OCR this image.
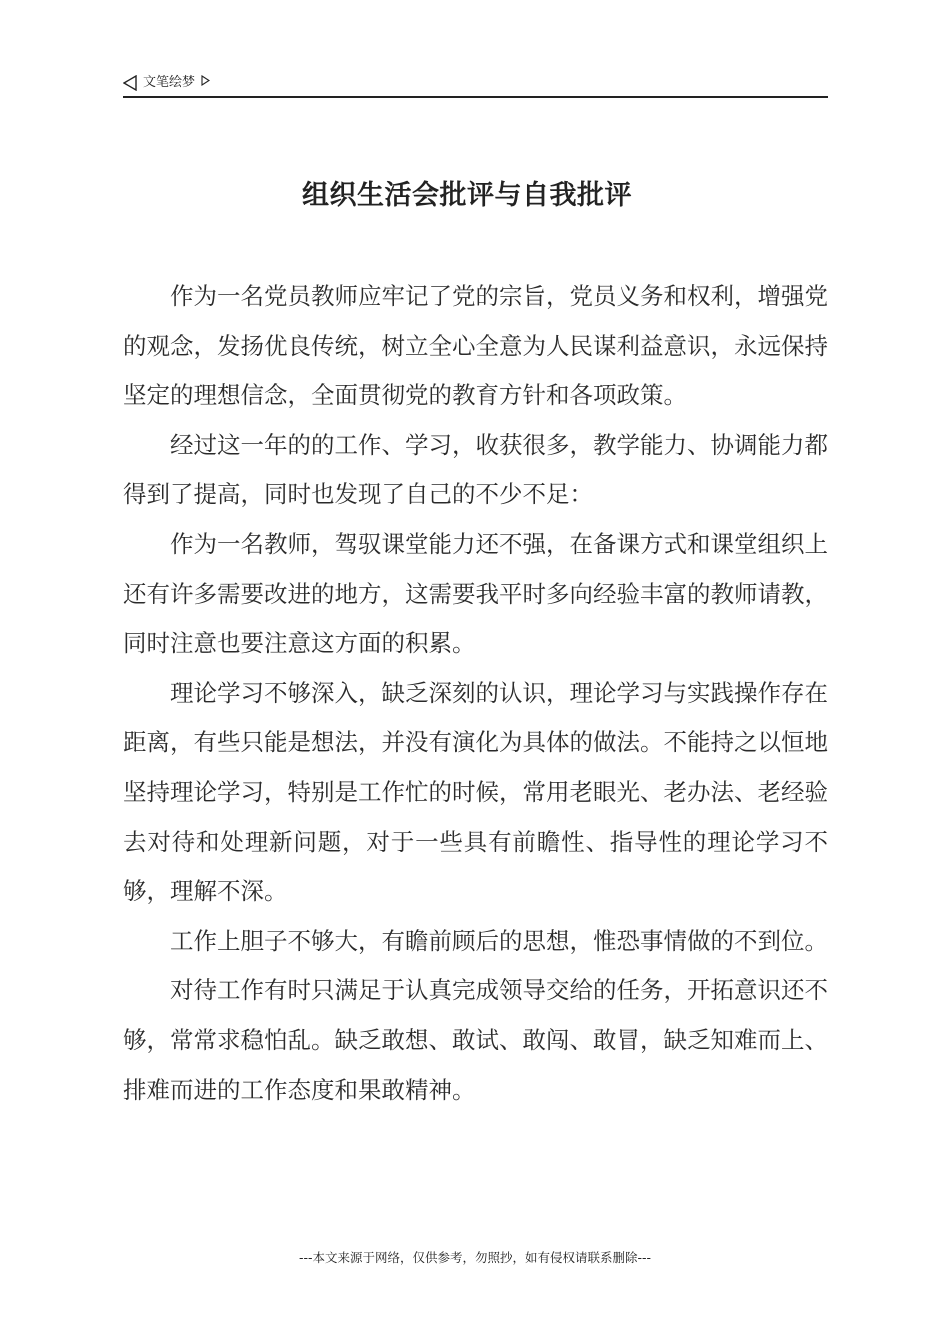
文笔绘梦
组织生活会批评与自我批评

作为一名党员教师应牢记了党的宗旨，党员义务和权利，增强党的观念，发扬优良传统，树立全心全意为人民谋利益意识，永远保持坚定的理想信念，全面贯彻党的教育方针和各项政策。

经过这一年的的工作、学习，收获很多，教学能力、协调能力都得到了提高，同时也发现了自己的不少不足：

作为一名教师，驾驭课堂能力还不强，在备课方式和课堂组织上还有许多需要改进的地方，这需要我平时多向经验丰富的教师请教，同时注意也要注意这方面的积累。

理论学习不够深入，缺乏深刻的认识，理论学习与实践操作存在距离，有些只能是想法，并没有演化为具体的做法。不能持之以恒地坚持理论学习，特别是工作忙的时候，常用老眼光、老办法、老经验去对待和处理新问题，对于一些具有前瞻性、指导性的理论学习不够，理解不深。

工作上胆子不够大，有瞻前顾后的思想，惟恐事情做的不到位。

对待工作有时只满足于认真完成领导交给的任务，开拓意识还不够，常常求稳怕乱。缺乏敢想、敢试、敢闯、敢冒，缺乏知难而上、排难而进的工作态度和果敢精神。

---本文来源于网络，仅供参考，勿照抄，如有侵权请联系删除---
